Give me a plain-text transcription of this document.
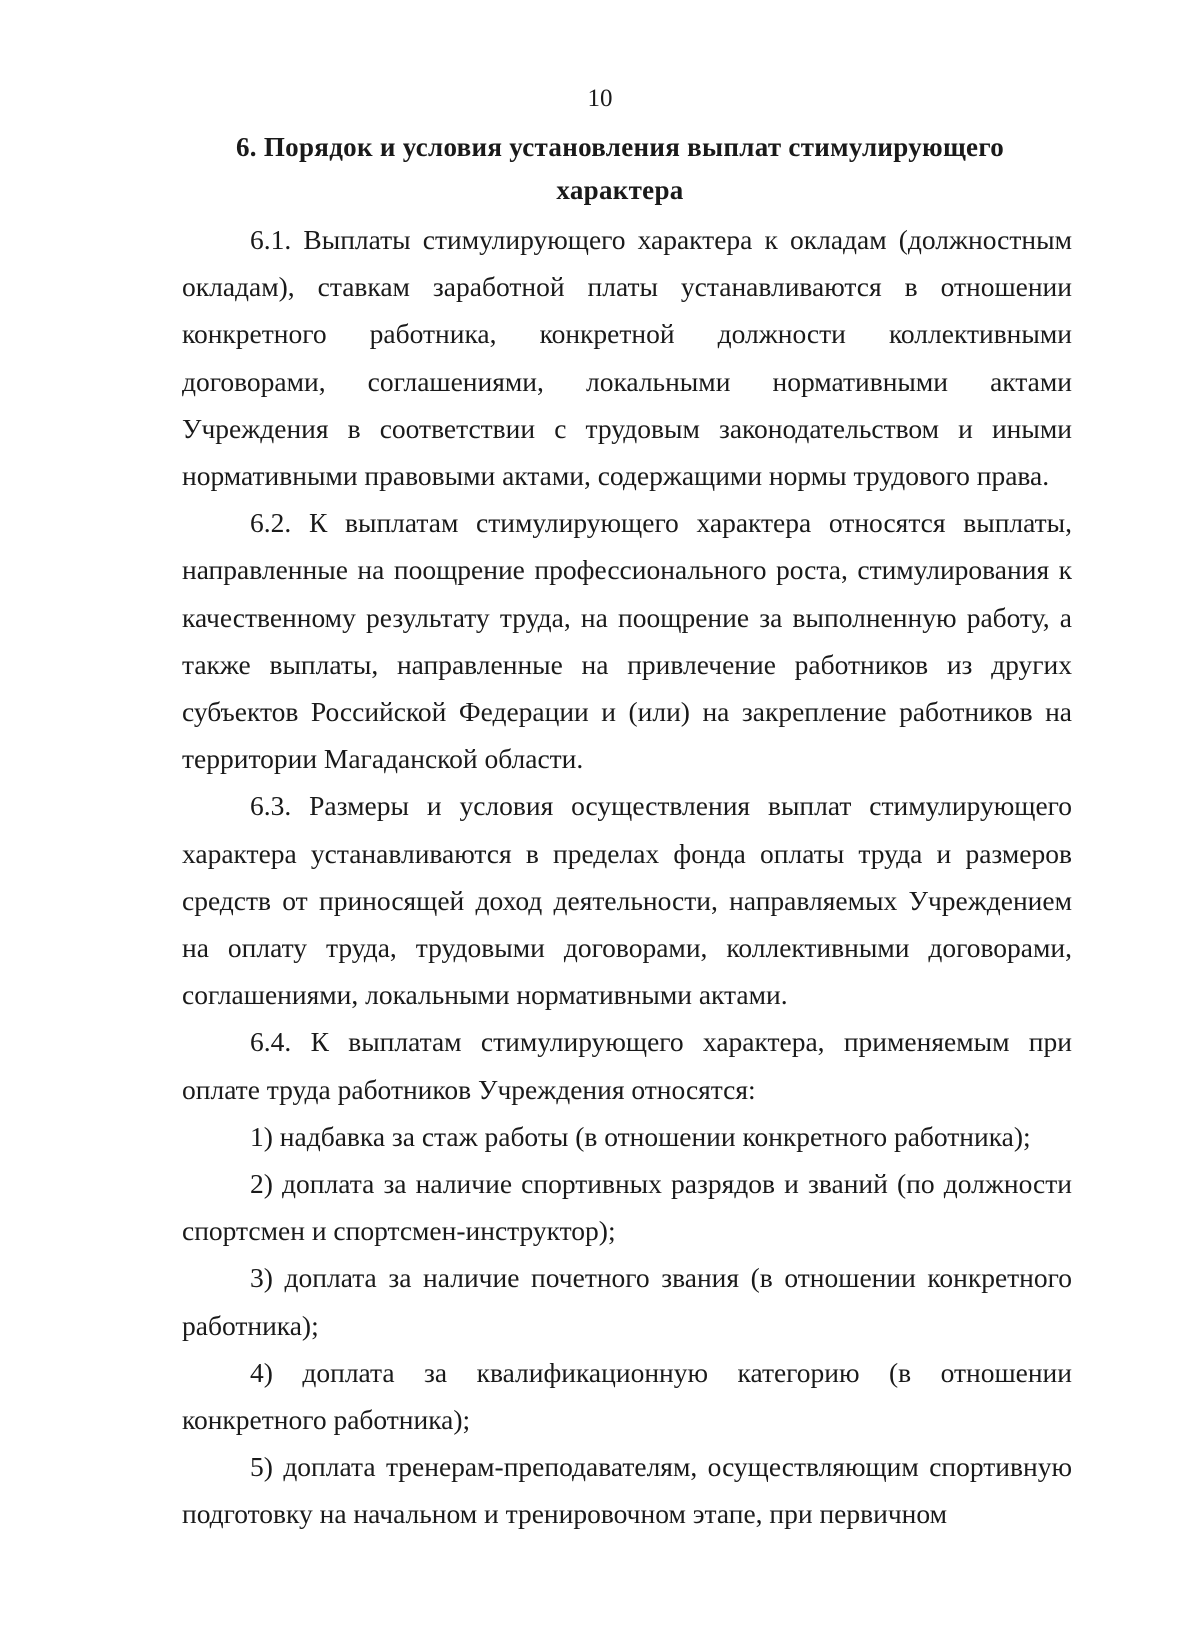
10
6. Порядок и условия установления выплат стимулирующего характера

6.1. Выплаты стимулирующего характера к окладам (должностным окладам), ставкам заработной платы устанавливаются в отношении конкретного работника, конкретной должности коллективными договорами, соглашениями, локальными нормативными актами Учреждения в соответствии с трудовым законодательством и иными нормативными правовыми актами, содержащими нормы трудового права.

6.2. К выплатам стимулирующего характера относятся выплаты, направленные на поощрение профессионального роста, стимулирования к качественному результату труда, на поощрение за выполненную работу, а также выплаты, направленные на привлечение работников из других субъектов Российской Федерации и (или) на закрепление работников на территории Магаданской области.

6.3. Размеры и условия осуществления выплат стимулирующего характера устанавливаются в пределах фонда оплаты труда и размеров средств от приносящей доход деятельности, направляемых Учреждением на оплату труда, трудовыми договорами, коллективными договорами, соглашениями, локальными нормативными актами.

6.4. К выплатам стимулирующего характера, применяемым при оплате труда работников Учреждения относятся:

1) надбавка за стаж работы (в отношении конкретного работника);

2) доплата за наличие спортивных разрядов и званий (по должности спортсмен и спортсмен-инструктор);

3) доплата за наличие почетного звания (в отношении конкретного работника);

4) доплата за квалификационную категорию (в отношении конкретного работника);

5) доплата тренерам-преподавателям, осуществляющим спортивную подготовку на начальном и тренировочном этапе, при первичном
